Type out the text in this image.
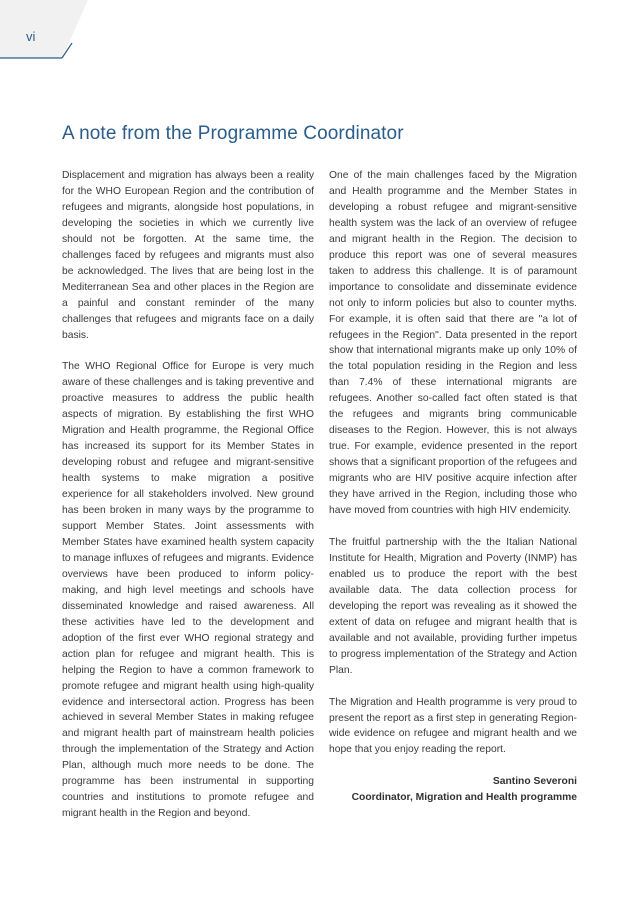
vi
A note from the Programme Coordinator

Displacement and migration has always been a reality for the WHO European Region and the contribution of refugees and migrants, alongside host populations, in developing the societies in which we currently live should not be forgotten. At the same time, the challenges faced by refugees and migrants must also be acknowledged. The lives that are being lost in the Mediterranean Sea and other places in the Region are a painful and constant reminder of the many challenges that refugees and migrants face on a daily basis.

The WHO Regional Office for Europe is very much aware of these challenges and is taking preventive and proactive measures to address the public health aspects of migration. By establishing the first WHO Migration and Health programme, the Regional Office has increased its support for its Member States in developing robust and refugee and migrant-sensitive health systems to make migration a positive experience for all stakeholders involved. New ground has been broken in many ways by the programme to support Member States. Joint assessments with Member States have examined health system capacity to manage influxes of refugees and migrants. Evidence overviews have been produced to inform policy-making, and high level meetings and schools have disseminated knowledge and raised awareness. All these activities have led to the development and adoption of the first ever WHO regional strategy and action plan for refugee and migrant health. This is helping the Region to have a common framework to promote refugee and migrant health using high-quality evidence and intersectoral action. Progress has been achieved in several Member States in making refugee and migrant health part of mainstream health policies through the implementation of the Strategy and Action Plan, although much more needs to be done. The programme has been instrumental in supporting countries and institutions to promote refugee and migrant health in the Region and beyond.

One of the main challenges faced by the Migration and Health programme and the Member States in developing a robust refugee and migrant-sensitive health system was the lack of an overview of refugee and migrant health in the Region. The decision to produce this report was one of several measures taken to address this challenge. It is of paramount importance to consolidate and disseminate evidence not only to inform policies but also to counter myths. For example, it is often said that there are "a lot of refugees in the Region". Data presented in the report show that international migrants make up only 10% of the total population residing in the Region and less than 7.4% of these international migrants are refugees. Another so-called fact often stated is that the refugees and migrants bring communicable diseases to the Region. However, this is not always true. For example, evidence presented in the report shows that a significant proportion of the refugees and migrants who are HIV positive acquire infection after they have arrived in the Region, including those who have moved from countries with high HIV endemicity.

The fruitful partnership with the the Italian National Institute for Health, Migration and Poverty (INMP) has enabled us to produce the report with the best available data. The data collection process for developing the report was revealing as it showed the extent of data on refugee and migrant health that is available and not available, providing further impetus to progress implementation of the Strategy and Action Plan.

The Migration and Health programme is very proud to present the report as a first step in generating Region-wide evidence on refugee and migrant health and we hope that you enjoy reading the report.

Santino Severoni
Coordinator, Migration and Health programme
